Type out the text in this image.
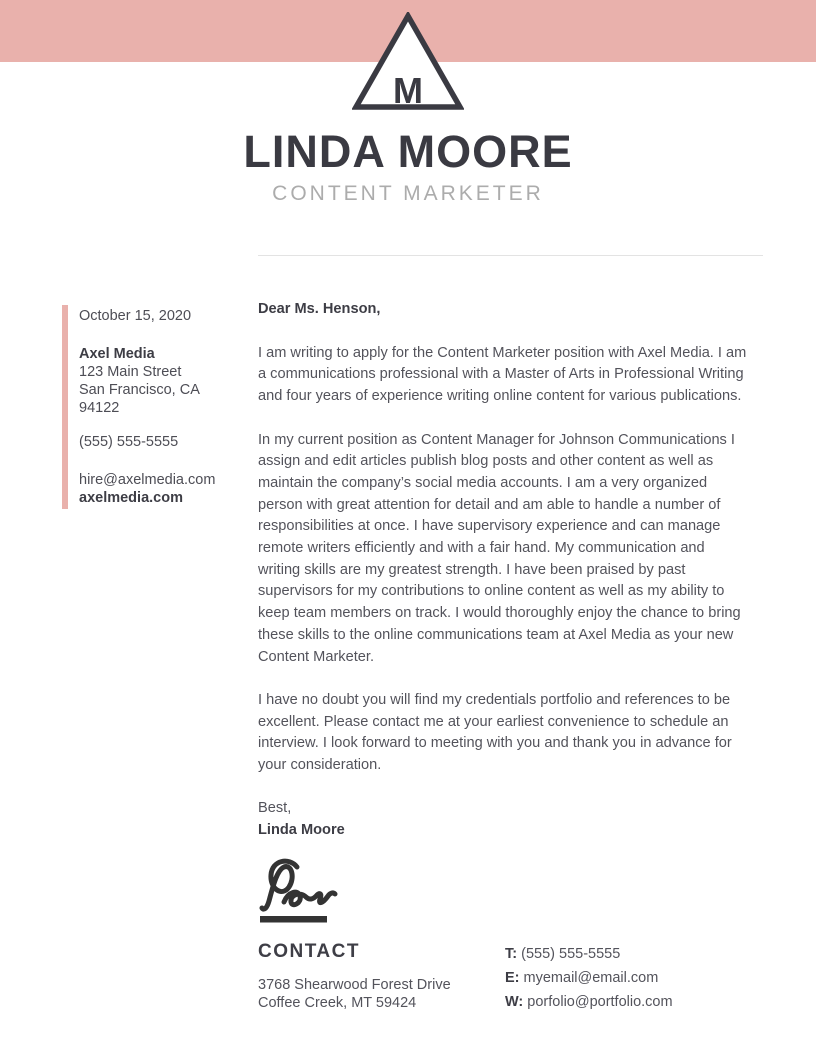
M
LINDA MOORE
CONTENT MARKETER
October 15, 2020
Axel Media
123 Main Street
San Francisco, CA
94122
(555) 555-5555
hire@axelmedia.com
axelmedia.com
Dear Ms. Henson,

I am writing to apply for the Content Marketer position with Axel Media. I am a communications professional with a Master of Arts in Professional Writing and four years of experience writing online content for various publications.

In my current position as Content Manager for Johnson Communications I assign and edit articles publish blog posts and other content as well as maintain the company’s social media accounts. I am a very organized person with great attention for detail and am able to handle a number of responsibilities at once. I have supervisory experience and can manage remote writers efficiently and with a fair hand. My communication and writing skills are my greatest strength. I have been praised by past supervisors for my contributions to online content as well as my ability to keep team members on track. I would thoroughly enjoy the chance to bring these skills to the online communications team at Axel Media as your new Content Marketer.

I have no doubt you will find my credentials portfolio and references to be excellent. Please contact me at your earliest convenience to schedule an interview. I look forward to meeting with you and thank you in advance for your consideration.

Best,
Linda Moore
CONTACT
3768 Shearwood Forest Drive
Coffee Creek, MT 59424
T: (555) 555-5555
E: myemail@email.com
W: porfolio@portfolio.com
